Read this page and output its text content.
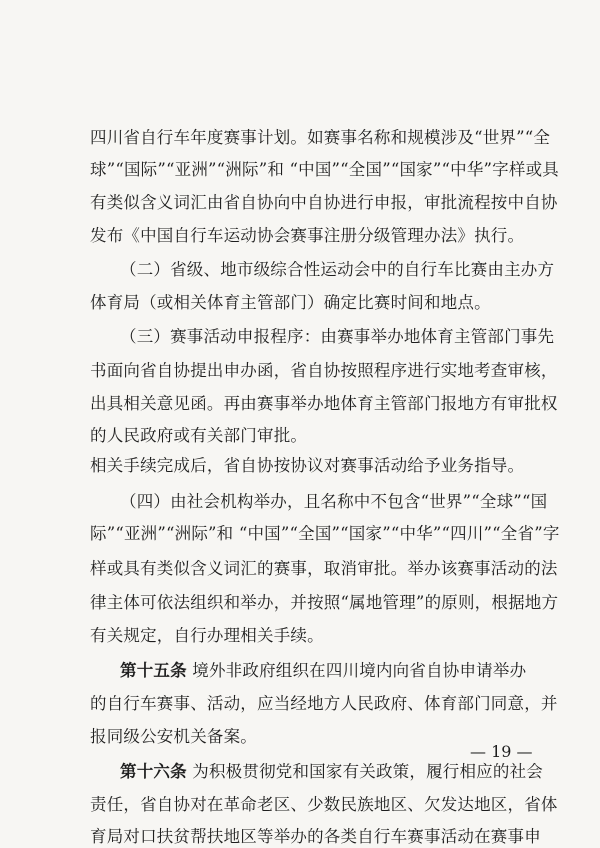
四川省自行车年度赛事计划。如赛事名称和规模涉及“世界”“全
球”“国际”“亚洲”“洲际”和 “中国”“全国”“国家”“中华”字样或具
有类似含义词汇由省自协向中自协进行申报，审批流程按中自协
发布《中国自行车运动协会赛事注册分级管理办法》执行。
（二）省级、地市级综合性运动会中的自行车比赛由主办方
体育局（或相关体育主管部门）确定比赛时间和地点。
（三）赛事活动申报程序：由赛事举办地体育主管部门事先
书面向省自协提出申办函，省自协按照程序进行实地考查审核，
出具相关意见函。再由赛事举办地体育主管部门报地方有审批权
的人民政府或有关部门审批。
相关手续完成后，省自协按协议对赛事活动给予业务指导。
（四）由社会机构举办，且名称中不包含“世界”“全球”“国
际”“亚洲”“洲际”和 “中国”“全国”“国家”“中华”“四川”“全省”字
样或具有类似含义词汇的赛事，取消审批。举办该赛事活动的法
律主体可依法组织和举办，并按照“属地管理”的原则，根据地方
有关规定，自行办理相关手续。
第十五条 境外非政府组织在四川境内向省自协申请举办
的自行车赛事、活动，应当经地方人民政府、体育部门同意，并
报同级公安机关备案。
第十六条 为积极贯彻党和国家有关政策，履行相应的社会
责任，省自协对在革命老区、少数民族地区、欠发达地区，省体
育局对口扶贫帮扶地区等举办的各类自行车赛事活动在赛事申
— 19 —
